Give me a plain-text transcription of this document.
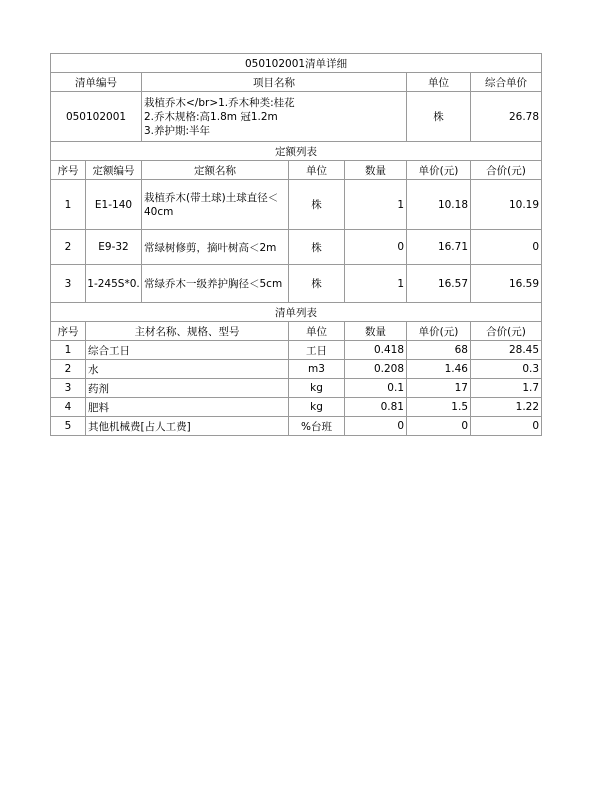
050102001清单详细						
清单编号		项目名称			单位	综合单价
050102001		栽植乔木</br>1.乔木种类:桂花
2.乔木规格:高1.8m 冠1.2m
3.养护期:半年			株	26.78
定额列表						
序号	定额编号	定额名称	单位	数量	单价(元)	合价(元)
1	E1-140	栽植乔木(带土球)土球直径＜40cm	株	1	10.18	10.19
2	E9-32	常绿树修剪，摘叶树高＜2m	株	0	16.71	0
3	1-245S*0.	常绿乔木一级养护胸径＜5cm	株	1	16.57	16.59
清单列表						
序号	主材名称、规格、型号		单位	数量	单价(元)	合价(元)
1	综合工日		工日	0.418	68	28.45
2	水		m3	0.208	1.46	0.3
3	药剂		kg	0.1	17	1.7
4	肥料		kg	0.81	1.5	1.22
5	其他机械费[占人工费]		%台班	0	0	0
